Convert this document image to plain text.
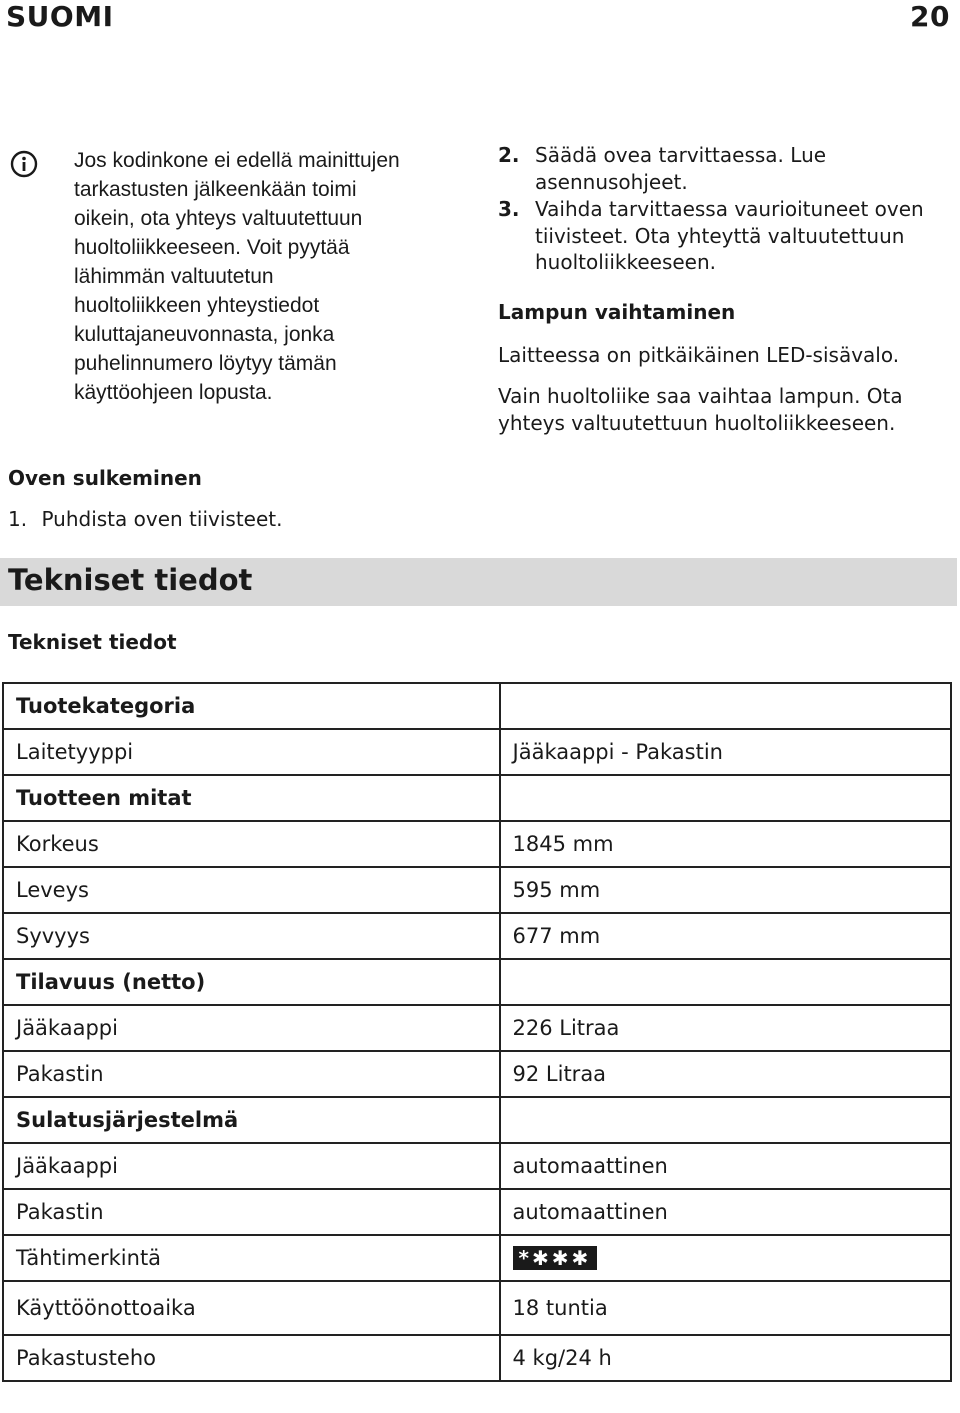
SUOMI	20
Jos kodinkone ei edellä mainittujen tarkastusten jälkeenkään toimi oikein, ota yhteys valtuutettuun huoltoliikkeeseen. Voit pyytää lähimmän valtuutetun huoltoliikkeen yhteystiedot kuluttajaneuvonnasta, jonka puhelinnumero löytyy tämän käyttöohjeen lopusta.
2. Säädä ovea tarvittaessa. Lue asennusohjeet.
3. Vaihda tarvittaessa vaurioituneet oven tiivisteet. Ota yhteyttä valtuutettuun huoltoliikkeeseen.
Lampun vaihtaminen
Laitteessa on pitkäikäinen LED-sisävalo.
Vain huoltoliike saa vaihtaa lampun. Ota yhteys valtuutettuun huoltoliikkeeseen.
Oven sulkeminen
1. Puhdista oven tiivisteet.
Tekniset tiedot
Tekniset tiedot
Tuotekategoria	
Laitetyyppi	Jääkaappi - Pakastin
Tuotteen mitat	
Korkeus	1845 mm
Leveys	595 mm
Syvyys	677 mm
Tilavuus (netto)	
Jääkaappi	226 Litraa
Pakastin	92 Litraa
Sulatusjärjestelmä	
Jääkaappi	automaattinen
Pakastin	automaattinen
Tähtimerkintä	*✱✱✱
Käyttöönottoaika	18 tuntia
Pakastusteho	4 kg/24 h
